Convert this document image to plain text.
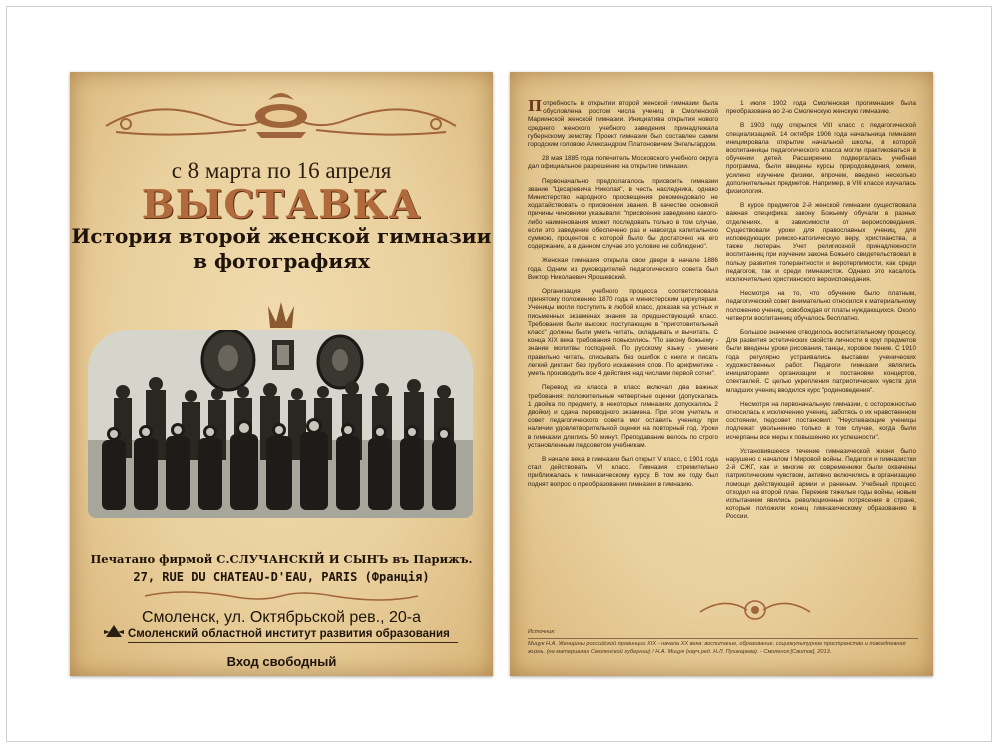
с 8 марта по 16 апреля
ВЫСТАВКА
История второй женской гимназии
в фотографиях
Печатано фирмой С.СЛУЧАНСКIЙ И СЫНЪ въ Парижъ.
27, RUE DU CHATEAU-D'EAU, PARIS (Франція)
Смоленск, ул. Октябрьской рев., 20-а
Смоленский областной институт развития образования
Вход свободный

Потребность в открытии второй женской гимназии была обусловлена ростом числа учениц в Смоленской Мариинской женской гимназии. Инициатива открытия нового среднего женского учебного заведения принадлежала губернскому земству. Проект гимназии был составлен самим городским головою Александром Платоновичем Энгельгардом.

28 мая 1885 года попечитель Московского учебного округа дал официальное разрешение на открытие гимназии.

Первоначально предполагалось присвоить гимназии звание "Цесаревича Николая", в честь наследника, однако Министерство народного просвещения рекомендовало не ходатайствовать о присвоении звания. В качестве основной причины чиновники указывали: "присвоение заведению какого-либо наименования может последовать только в том случае, если это заведение обеспечено раз и навсегда капитальною суммою, процентов с которой было бы достаточно на его содержание, а в данном случае это условие не соблюдено".

Женская гимназия открыла свои двери в начале 1886 года. Одним из руководителей педагогического совета был Виктор Николаевич Ярошевский.

Организация учебного процесса соответствовала принятому положению 1870 года и министерским циркулярам. Ученицы могли поступить в любой класс, доказав на устных и письменных экзаменах знания за предшествующий класс. Требования были высоки: поступающие в "приготовительный класс" должны были уметь читать, складывать и вычитать. С конца XIX века требования повысились. "По закону божьему - знание молитвы господней. По русскому языку - умение правильно читать, списывать без ошибок с книги и писать легкий диктант без грубого искажения слов. По арифметике - уметь производить все 4 действия над числами первой сотни".

Перевод из класса в класс включал два важных требования: положительные четвертные оценки (допускалась 1 двойка по предмету, в некоторых гимназиях допускались 2 двойки) и сдача переводного экзамена. При этом учитель и совет педагогического совета мог оставить ученицу при наличии удовлетворительной оценки на повторный год. Уроки в гимназии длились 50 минут. Преподавание велось по строго установленным педсоветом учебникам.

В начале века в гимназии был открыт V класс, с 1901 года стал действовать VI класс. Гимназия стремительно приближалась к гимназическому курсу. В том же году был поднят вопрос о преобразовании гимназии в гимназию.

1 июля 1902 года Смоленская прогимназия была преобразована во 2-ю Смоленскую женскую гимназию.

В 1903 году открылся VIII класс с педагогической специализацией. 14 октября 1906 года начальница гимназии инициировала открытие начальной школы, в которой воспитанницы педагогического класса могли практиковаться в обучении детей. Расширению подвергалась учебная программа, были введены курсы природоведения, химии, усилено изучение физики, впрочем, введено несколько дополнительных предметов. Например, в VIII классе изучалась физиология.

В курсе предметов 2-й женской гимназии существовала важная специфика: закону Божьему обучали в разных отделениях, в зависимости от вероисповедания. Существовали уроки для православных учениц, для исповедующих римско-католическую веру, христианства, а также лютеран. Учет религиозной принадлежности воспитанниц при изучении закона Божьего свидетельствовал в пользу развития толерантности и веротерпимости, как среди педагогов, так и среди гимназисток. Однако это касалось исключительно христианского вероисповедания.

Несмотря на то, что обучение было платным, педагогический совет внимательно относился к материальному положению учениц, освобождая от платы нуждающихся. Около четверти воспитанниц обучалось бесплатно.

Большое значение отводилось воспитательному процессу. Для развития эстетических свойств личности в круг предметов были введены уроки рисования, танцы, хоровое пение. С 1910 года регулярно устраивались выставки ученических художественных работ. Педагоги гимназии являлись инициаторами организации и постановки концертов, спектаклей. С целью укрепления патриотических чувств для младших учениц вводился курс "родиноведения".

Несмотря на первоначальную гимназии, с осторожностью относилась к исключению учениц, заботясь о их нравственном состоянии, педсовет постановил: "Неуспевающие ученицы подлежат увольнению только в том случае, когда были исчерпаны все меры к повышению их успешности".

Установившееся течение гимназической жизни было нарушено с началом I Мировой войны. Педагоги и гимназистки 2-й СЖГ, как и многие их современники были охвачены патриотическим чувством, активно включились в организацию помощи действующей армии и раненым. Учебный процесс отходил на второй план. Пережив тяжелые годы войны, новым испытанием явились революционные потрясения в стране, которые положили конец гимназическому образованию в России.

Источник:
Мицук Н.А. Женщины российской провинции XIX - начала XX века: воспитание, образование, социокультурное пространство и повседневная жизнь. (на материалах Смоленской губернии) / Н.А. Мицук (науч.ред. Н.Л. Пушкарева). - Смоленск:[Свиток], 2013.
